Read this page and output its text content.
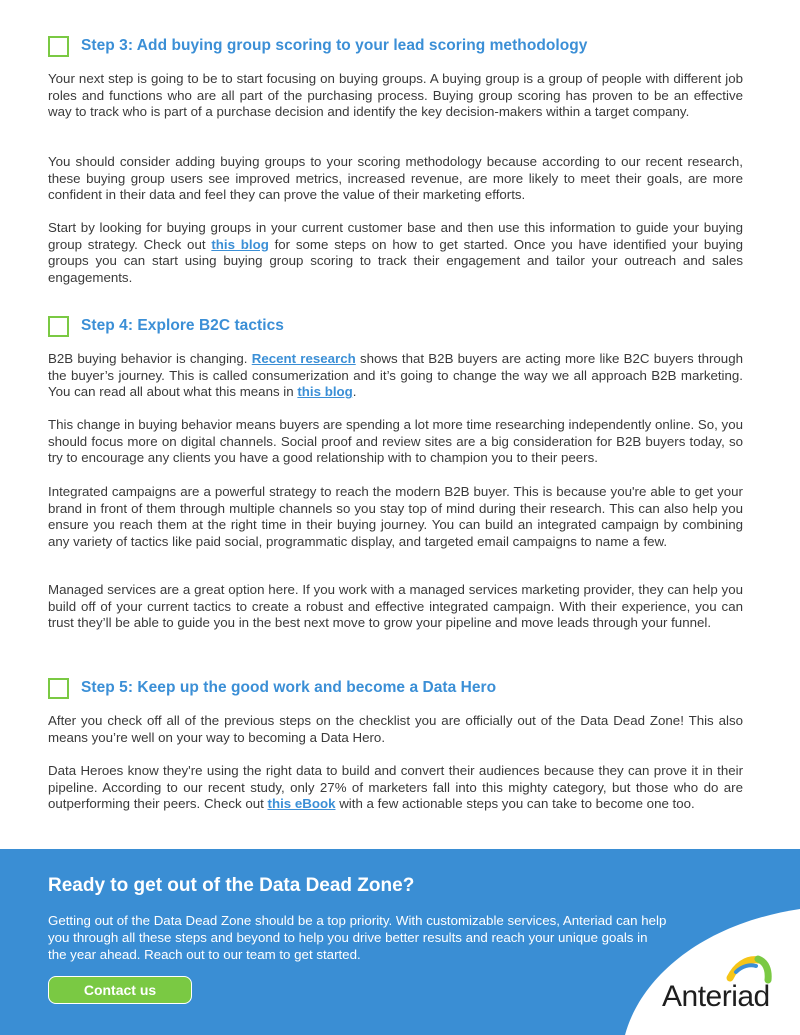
Step 3: Add buying group scoring to your lead scoring methodology

Your next step is going to be to start focusing on buying groups. A buying group is a group of people with different job roles and functions who are all part of the purchasing process. Buying group scoring has proven to be an effective way to track who is part of a purchase decision and identify the key decision-makers within a target company.

You should consider adding buying groups to your scoring methodology because according to our recent research, these buying group users see improved metrics, increased revenue, are more likely to meet their goals, are more confident in their data and feel they can prove the value of their marketing efforts.

Start by looking for buying groups in your current customer base and then use this information to guide your buying group strategy. Check out this blog for some steps on how to get started. Once you have identified your buying groups you can start using buying group scoring to track their engagement and tailor your outreach and sales engagements.

Step 4: Explore B2C tactics

B2B buying behavior is changing. Recent research shows that B2B buyers are acting more like B2C buyers through the buyer’s journey. This is called consumerization and it’s going to change the way we all approach B2B marketing. You can read all about what this means in this blog.

This change in buying behavior means buyers are spending a lot more time researching independently online. So, you should focus more on digital channels. Social proof and review sites are a big consideration for B2B buyers today, so try to encourage any clients you have a good relationship with to champion you to their peers.

Integrated campaigns are a powerful strategy to reach the modern B2B buyer. This is because you're able to get your brand in front of them through multiple channels so you stay top of mind during their research. This can also help you ensure you reach them at the right time in their buying journey. You can build an integrated campaign by combining any variety of tactics like paid social, programmatic display, and targeted email campaigns to name a few.

Managed services are a great option here. If you work with a managed services marketing provider, they can help you build off of your current tactics to create a robust and effective integrated campaign. With their experience, you can trust they’ll be able to guide you in the best next move to grow your pipeline and move leads through your funnel.

Step 5: Keep up the good work and become a Data Hero

After you check off all of the previous steps on the checklist you are officially out of the Data Dead Zone! This also means you’re well on your way to becoming a Data Hero.

Data Heroes know they're using the right data to build and convert their audiences because they can prove it in their pipeline. According to our recent study, only 27% of marketers fall into this mighty category, but those who do are outperforming their peers. Check out this eBook with a few actionable steps you can take to become one too.

Ready to get out of the Data Dead Zone?

Getting out of the Data Dead Zone should be a top priority. With customizable services, Anteriad can help you through all these steps and beyond to help you drive better results and reach your unique goals in the year ahead. Reach out to our team to get started.

Contact us	Anteriad
